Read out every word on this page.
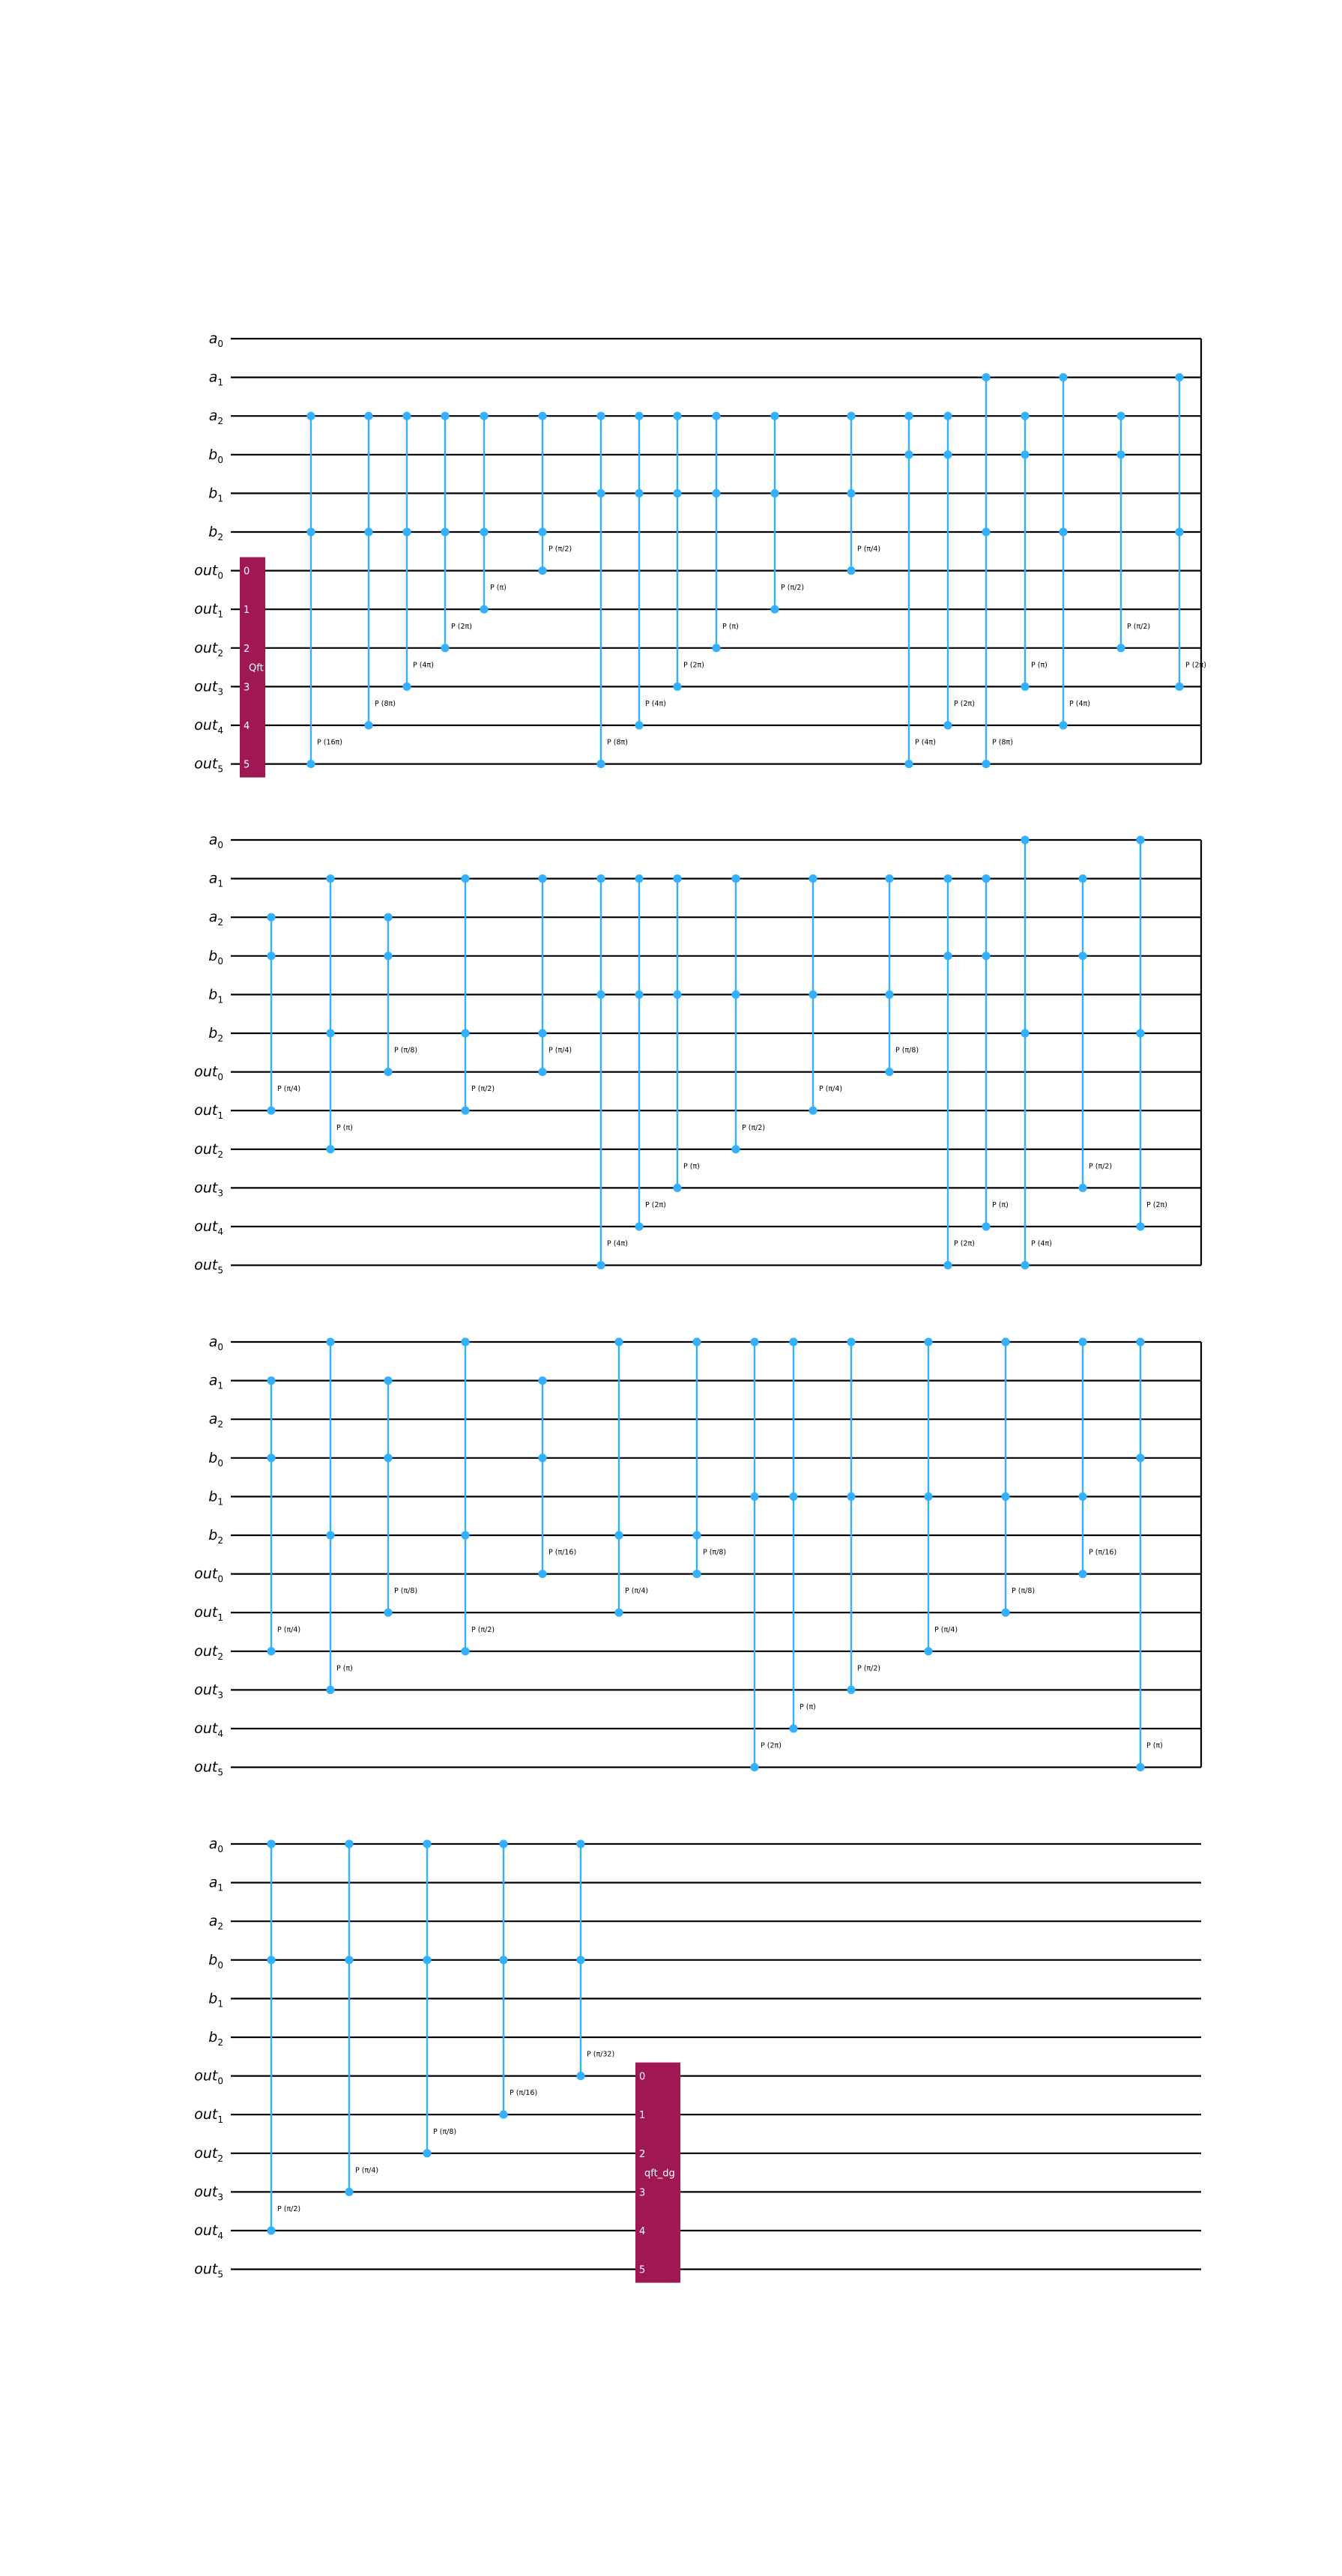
$a_0$
$a_1$
$a_2$
$b_0$
$b_1$
$b_2$
out$_0$
out$_1$
out$_2$
out$_3$
out$_4$
out$_5$
P (16π)
P (8π)
P (4π)
P (2π)
P (π)
P (π/2)
P (8π)
P (4π)
P (2π)
P (π)
P (π/2)
P (π/4)
P (4π)
P (2π)
P (8π)
P (π)
P (4π)
P (π/2)
P (2π)
Qft
0
1
2
3
4
5
$a_0$
$a_1$
$a_2$
$b_0$
$b_1$
$b_2$
out$_0$
out$_1$
out$_2$
out$_3$
out$_4$
out$_5$
P (π/4)
P (π)
P (π/8)
P (π/2)
P (π/4)
P (4π)
P (2π)
P (π)
P (π/2)
P (π/4)
P (π/8)
P (2π)
P (π)
P (4π)
P (π/2)
P (2π)
$a_0$
$a_1$
$a_2$
$b_0$
$b_1$
$b_2$
out$_0$
out$_1$
out$_2$
out$_3$
out$_4$
out$_5$
P (π/4)
P (π)
P (π/8)
P (π/2)
P (π/16)
P (π/4)
P (π/8)
P (2π)
P (π)
P (π/2)
P (π/4)
P (π/8)
P (π/16)
P (π)
$a_0$
$a_1$
$a_2$
$b_0$
$b_1$
$b_2$
out$_0$
out$_1$
out$_2$
out$_3$
out$_4$
out$_5$
P (π/2)
P (π/4)
P (π/8)
P (π/16)
P (π/32)
qft_dg
0
1
2
3
4
5
